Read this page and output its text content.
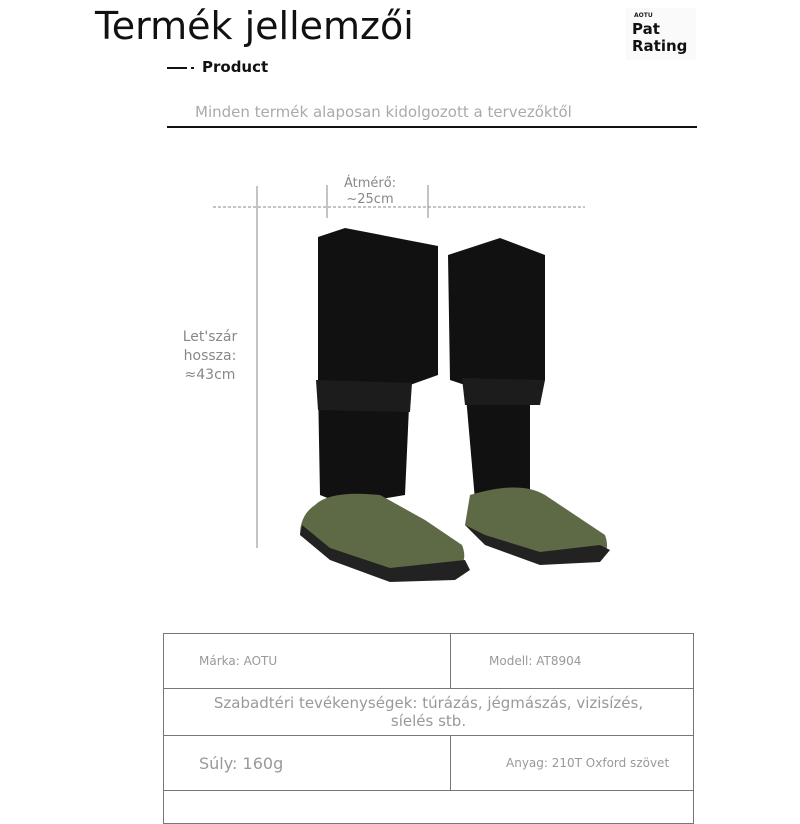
Termék jellemzői	AOTU
Pat
Rating
Product
Minden termék alaposan kidolgozott a tervezőktől
Átmérő:
~25cm
Let'szár
hossza:
≈43cm
Márka: AOTU	Modell: AT8904
Szabadtéri tevékenységek: túrázás, jégmászás, vizisízés, síelés stb.	
Súly: 160g	Anyag: 210T Oxford szövet
